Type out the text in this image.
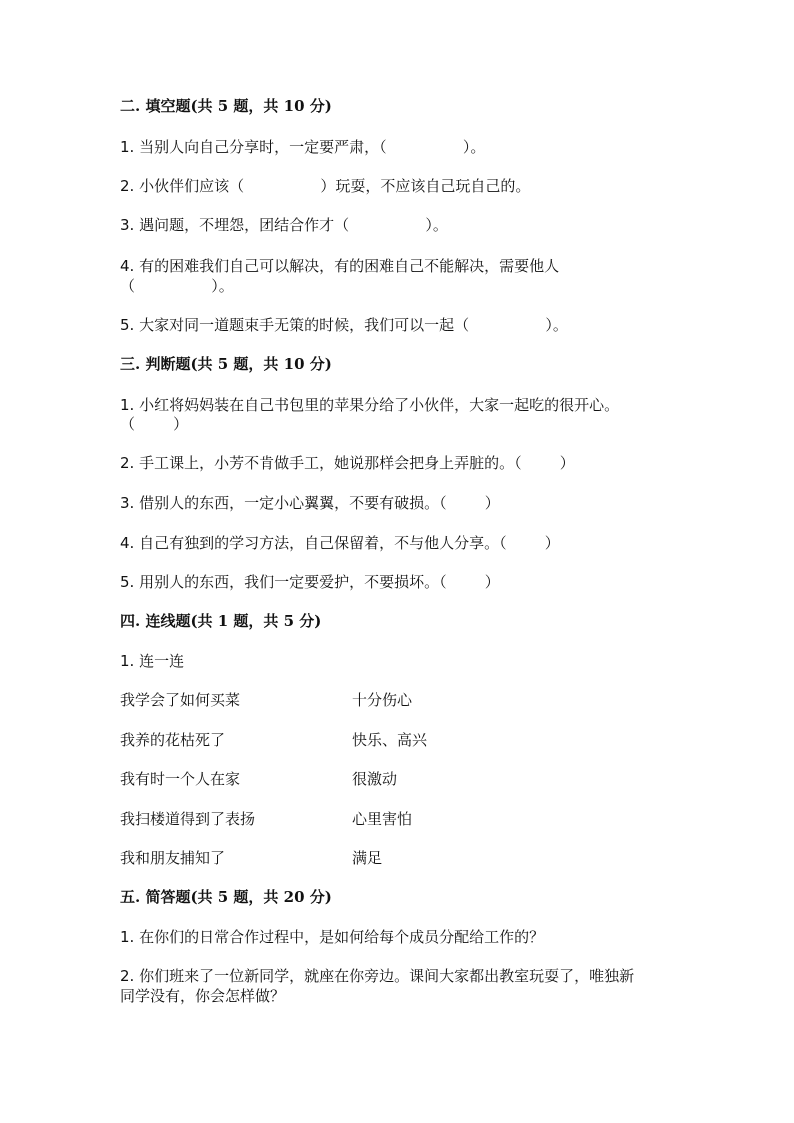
二. 填空题(共 5 题，共 10 分)
1. 当别人向自己分享时，一定要严肃，（                ）。
2. 小伙伴们应该（                ）玩耍，不应该自己玩自己的。
3. 遇问题，不埋怨，团结合作才（                ）。
4. 有的困难我们自己可以解决，有的困难自己不能解决，需要他人
（                ）。
5. 大家对同一道题束手无策的时候，我们可以一起（                ）。
三. 判断题(共 5 题，共 10 分)
1. 小红将妈妈装在自己书包里的苹果分给了小伙伴，大家一起吃的很开心。
（        ）
2. 手工课上，小芳不肯做手工，她说那样会把身上弄脏的。（        ）
3. 借别人的东西，一定小心翼翼，不要有破损。（        ）
4. 自己有独到的学习方法，自己保留着，不与他人分享。（        ）
5. 用别人的东西，我们一定要爱护，不要损坏。（        ）
四. 连线题(共 1 题，共 5 分)
1. 连一连
我学会了如何买菜	十分伤心
我养的花枯死了	快乐、高兴
我有时一个人在家	很激动
我扫楼道得到了表扬	心里害怕
我和朋友捕知了	满足
五. 简答题(共 5 题，共 20 分)
1. 在你们的日常合作过程中，是如何给每个成员分配给工作的？
2. 你们班来了一位新同学，就座在你旁边。课间大家都出教室玩耍了，唯独新
同学没有，你会怎样做？
